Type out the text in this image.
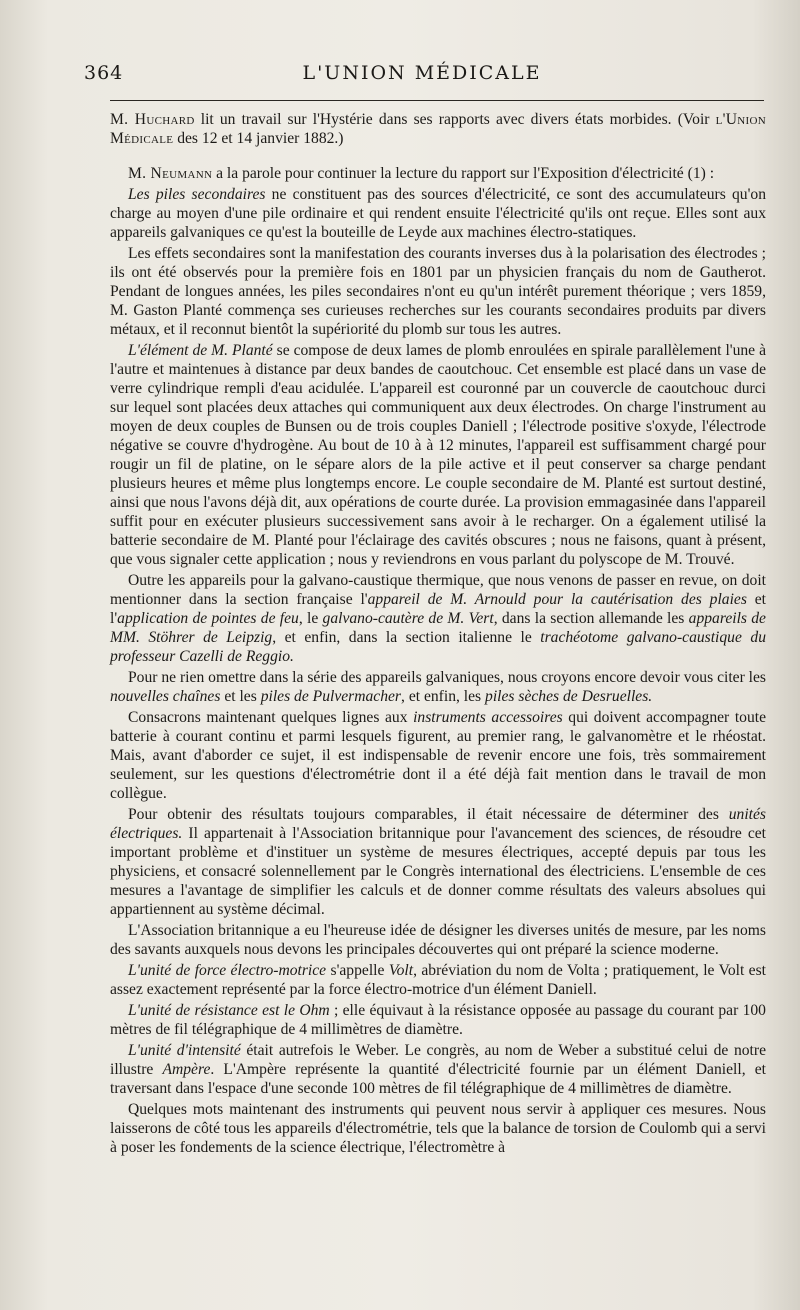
364	L'UNION MÉDICALE

M. Huchard lit un travail sur l'Hystérie dans ses rapports avec divers états morbides. (Voir l'Union Médicale des 12 et 14 janvier 1882.)

M. Neumann a la parole pour continuer la lecture du rapport sur l'Exposition d'électricité (1) :

Les piles secondaires ne constituent pas des sources d'électricité, ce sont des accumulateurs qu'on charge au moyen d'une pile ordinaire et qui rendent ensuite l'électricité qu'ils ont reçue. Elles sont aux appareils galvaniques ce qu'est la bouteille de Leyde aux machines électro-statiques.

Les effets secondaires sont la manifestation des courants inverses dus à la polarisation des électrodes ; ils ont été observés pour la première fois en 1801 par un physicien français du nom de Gautherot. Pendant de longues années, les piles secondaires n'ont eu qu'un intérêt purement théorique ; vers 1859, M. Gaston Planté commença ses curieuses recherches sur les courants secondaires produits par divers métaux, et il reconnut bientôt la supériorité du plomb sur tous les autres.

L'élément de M. Planté se compose de deux lames de plomb enroulées en spirale parallèlement l'une à l'autre et maintenues à distance par deux bandes de caoutchouc. Cet ensemble est placé dans un vase de verre cylindrique rempli d'eau acidulée. L'appareil est couronné par un couvercle de caoutchouc durci sur lequel sont placées deux attaches qui communiquent aux deux électrodes. On charge l'instrument au moyen de deux couples de Bunsen ou de trois couples Daniell ; l'électrode positive s'oxyde, l'électrode négative se couvre d'hydrogène. Au bout de 10 à à 12 minutes, l'appareil est suffisamment chargé pour rougir un fil de platine, on le sépare alors de la pile active et il peut conserver sa charge pendant plusieurs heures et même plus longtemps encore. Le couple secondaire de M. Planté est surtout destiné, ainsi que nous l'avons déjà dit, aux opérations de courte durée. La provision emmagasinée dans l'appareil suffit pour en exécuter plusieurs successivement sans avoir à le recharger. On a également utilisé la batterie secondaire de M. Planté pour l'éclairage des cavités obscures ; nous ne faisons, quant à présent, que vous signaler cette application ; nous y reviendrons en vous parlant du polyscope de M. Trouvé.

Outre les appareils pour la galvano-caustique thermique, que nous venons de passer en revue, on doit mentionner dans la section française l'appareil de M. Arnould pour la cautérisation des plaies et l'application de pointes de feu, le galvano-cautère de M. Vert, dans la section allemande les appareils de MM. Stöhrer de Leipzig, et enfin, dans la section italienne le trachéotome galvano-caustique du professeur Cazelli de Reggio.

Pour ne rien omettre dans la série des appareils galvaniques, nous croyons encore devoir vous citer les nouvelles chaînes et les piles de Pulvermacher, et enfin, les piles sèches de Desruelles.

Consacrons maintenant quelques lignes aux instruments accessoires qui doivent accompagner toute batterie à courant continu et parmi lesquels figurent, au premier rang, le galvanomètre et le rhéostat. Mais, avant d'aborder ce sujet, il est indispensable de revenir encore une fois, très sommairement seulement, sur les questions d'électrométrie dont il a été déjà fait mention dans le travail de mon collègue.

Pour obtenir des résultats toujours comparables, il était nécessaire de déterminer des unités électriques. Il appartenait à l'Association britannique pour l'avancement des sciences, de résoudre cet important problème et d'instituer un système de mesures électriques, accepté depuis par tous les physiciens, et consacré solennellement par le Congrès international des électriciens. L'ensemble de ces mesures a l'avantage de simplifier les calculs et de donner comme résultats des valeurs absolues qui appartiennent au système décimal.

L'Association britannique a eu l'heureuse idée de désigner les diverses unités de mesure, par les noms des savants auxquels nous devons les principales découvertes qui ont préparé la science moderne.

L'unité de force électro-motrice s'appelle Volt, abréviation du nom de Volta ; pratiquement, le Volt est assez exactement représenté par la force électro-motrice d'un élément Daniell.

L'unité de résistance est le Ohm ; elle équivaut à la résistance opposée au passage du courant par 100 mètres de fil télégraphique de 4 millimètres de diamètre.

L'unité d'intensité était autrefois le Weber. Le congrès, au nom de Weber a substitué celui de notre illustre Ampère. L'Ampère représente la quantité d'électricité fournie par un élément Daniell, et traversant dans l'espace d'une seconde 100 mètres de fil télégraphique de 4 millimètres de diamètre.

Quelques mots maintenant des instruments qui peuvent nous servir à appliquer ces mesures. Nous laisserons de côté tous les appareils d'électrométrie, tels que la balance de torsion de Coulomb qui a servi à poser les fondements de la science électrique, l'électromètre à
